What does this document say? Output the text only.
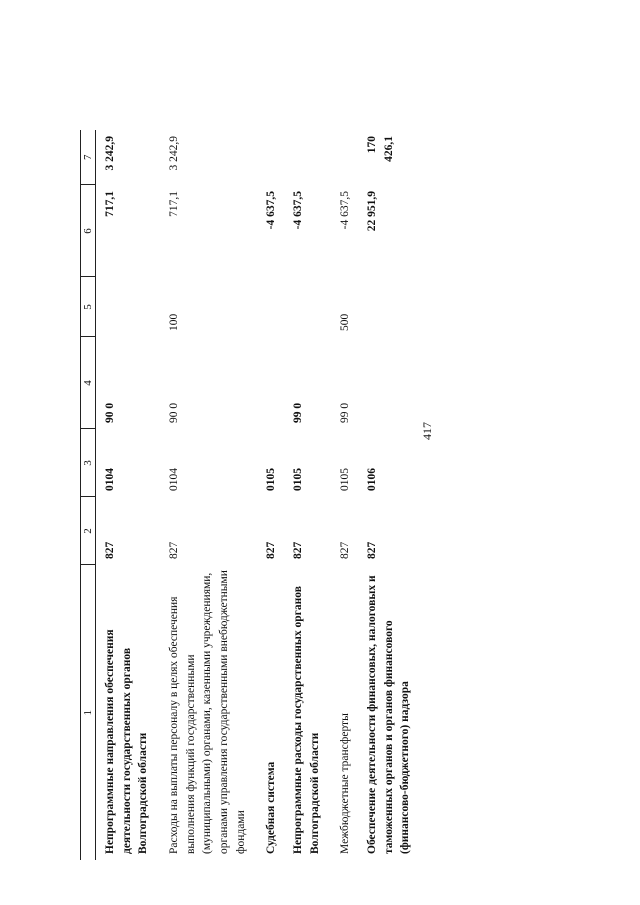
417
1	2	3	4	5	6	7
Непрограммные направления обеспечения деятельности государственных органов Волгоградской области	827	0104	90 0		717,1	3 242,9
Расходы на выплаты персоналу в целях обеспечения выполнения функций государственными (муниципальными) органами, казенными учреждениями, органами управления государственными внебюджетными фондами	827	0104	90 0	100	717,1	3 242,9
Судебная система	827	0105			-4 637,5	
Непрограммные расходы государственных органов Волгоградской области	827	0105	99 0		-4 637,5	
Межбюджетные трансферты	827	0105	99 0	500	-4 637,5	
Обеспечение деятельности финансовых, налоговых и таможенных органов и органов финансового (финансово-бюджетного) надзора	827	0106			22 951,9	170 426,1
